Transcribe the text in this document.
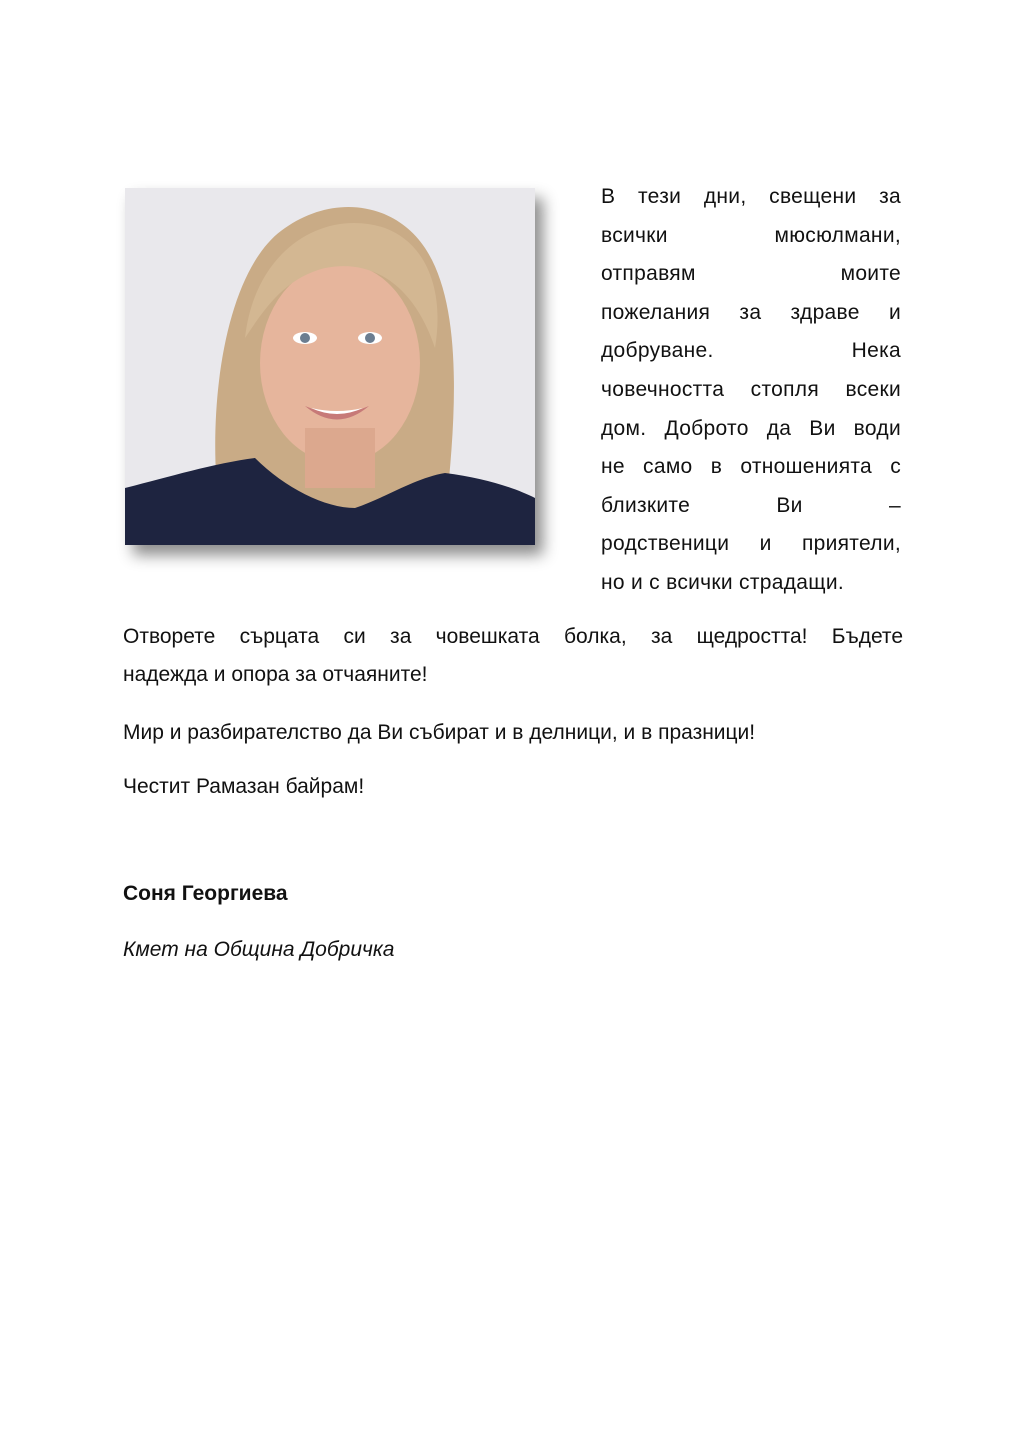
В тези дни, свещени за
всички мюсюлмани,
отправям моите
пожелания за здраве и
добруване. Нека
човечността стопля всеки
дом. Доброто да Ви води
не само в отношенията с
близките Ви –
родственици и приятели,
но и с всички страдащи.

Отворете сърцата си за човешката болка, за щедростта! Бъдете
надежда и опора за отчаяните!

Мир и разбирателство да Ви събират и в делници, и в празници!

Честит Рамазан байрам!

Соня Георгиева

Кмет на Община Добричка
